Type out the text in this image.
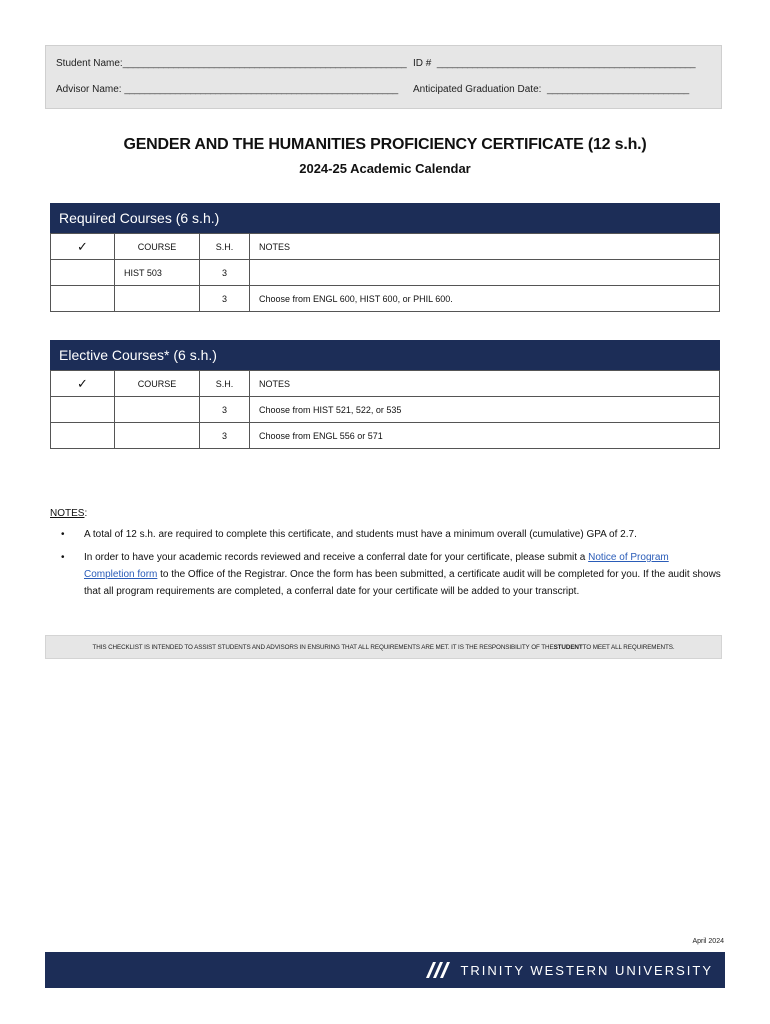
Student Name:________________________________________________________ ID # ___________________________________________________
Advisor Name: ______________________________________________________	Anticipated Graduation Date: ____________________________
GENDER AND THE HUMANITIES PROFICIENCY CERTIFICATE (12 s.h.)
2024-25 Academic Calendar
Required Courses (6 s.h.)
✓	COURSE	S.H.	NOTES
	HIST 503	3	
		3	Choose from ENGL 600, HIST 600, or PHIL 600.
Elective Courses* (6 s.h.)
✓	COURSE	S.H.	NOTES
		3	Choose from HIST 521, 522, or 535
		3	Choose from ENGL 556 or 571
NOTES:
• A total of 12 s.h. are required to complete this certificate, and students must have a minimum overall (cumulative) GPA of 2.7.
• In order to have your academic records reviewed and receive a conferral date for your certificate, please submit a Notice of Program Completion form to the Office of the Registrar. Once the form has been submitted, a certificate audit will be completed for you. If the audit shows that all program requirements are completed, a conferral date for your certificate will be added to your transcript.
THIS CHECKLIST IS INTENDED TO ASSIST STUDENTS AND ADVISORS IN ENSURING THAT ALL REQUIREMENTS ARE MET. IT IS THE RESPONSIBILITY OF THE STUDENT TO MEET ALL REQUIREMENTS.
April 2024
TRINITY WESTERN UNIVERSITY
